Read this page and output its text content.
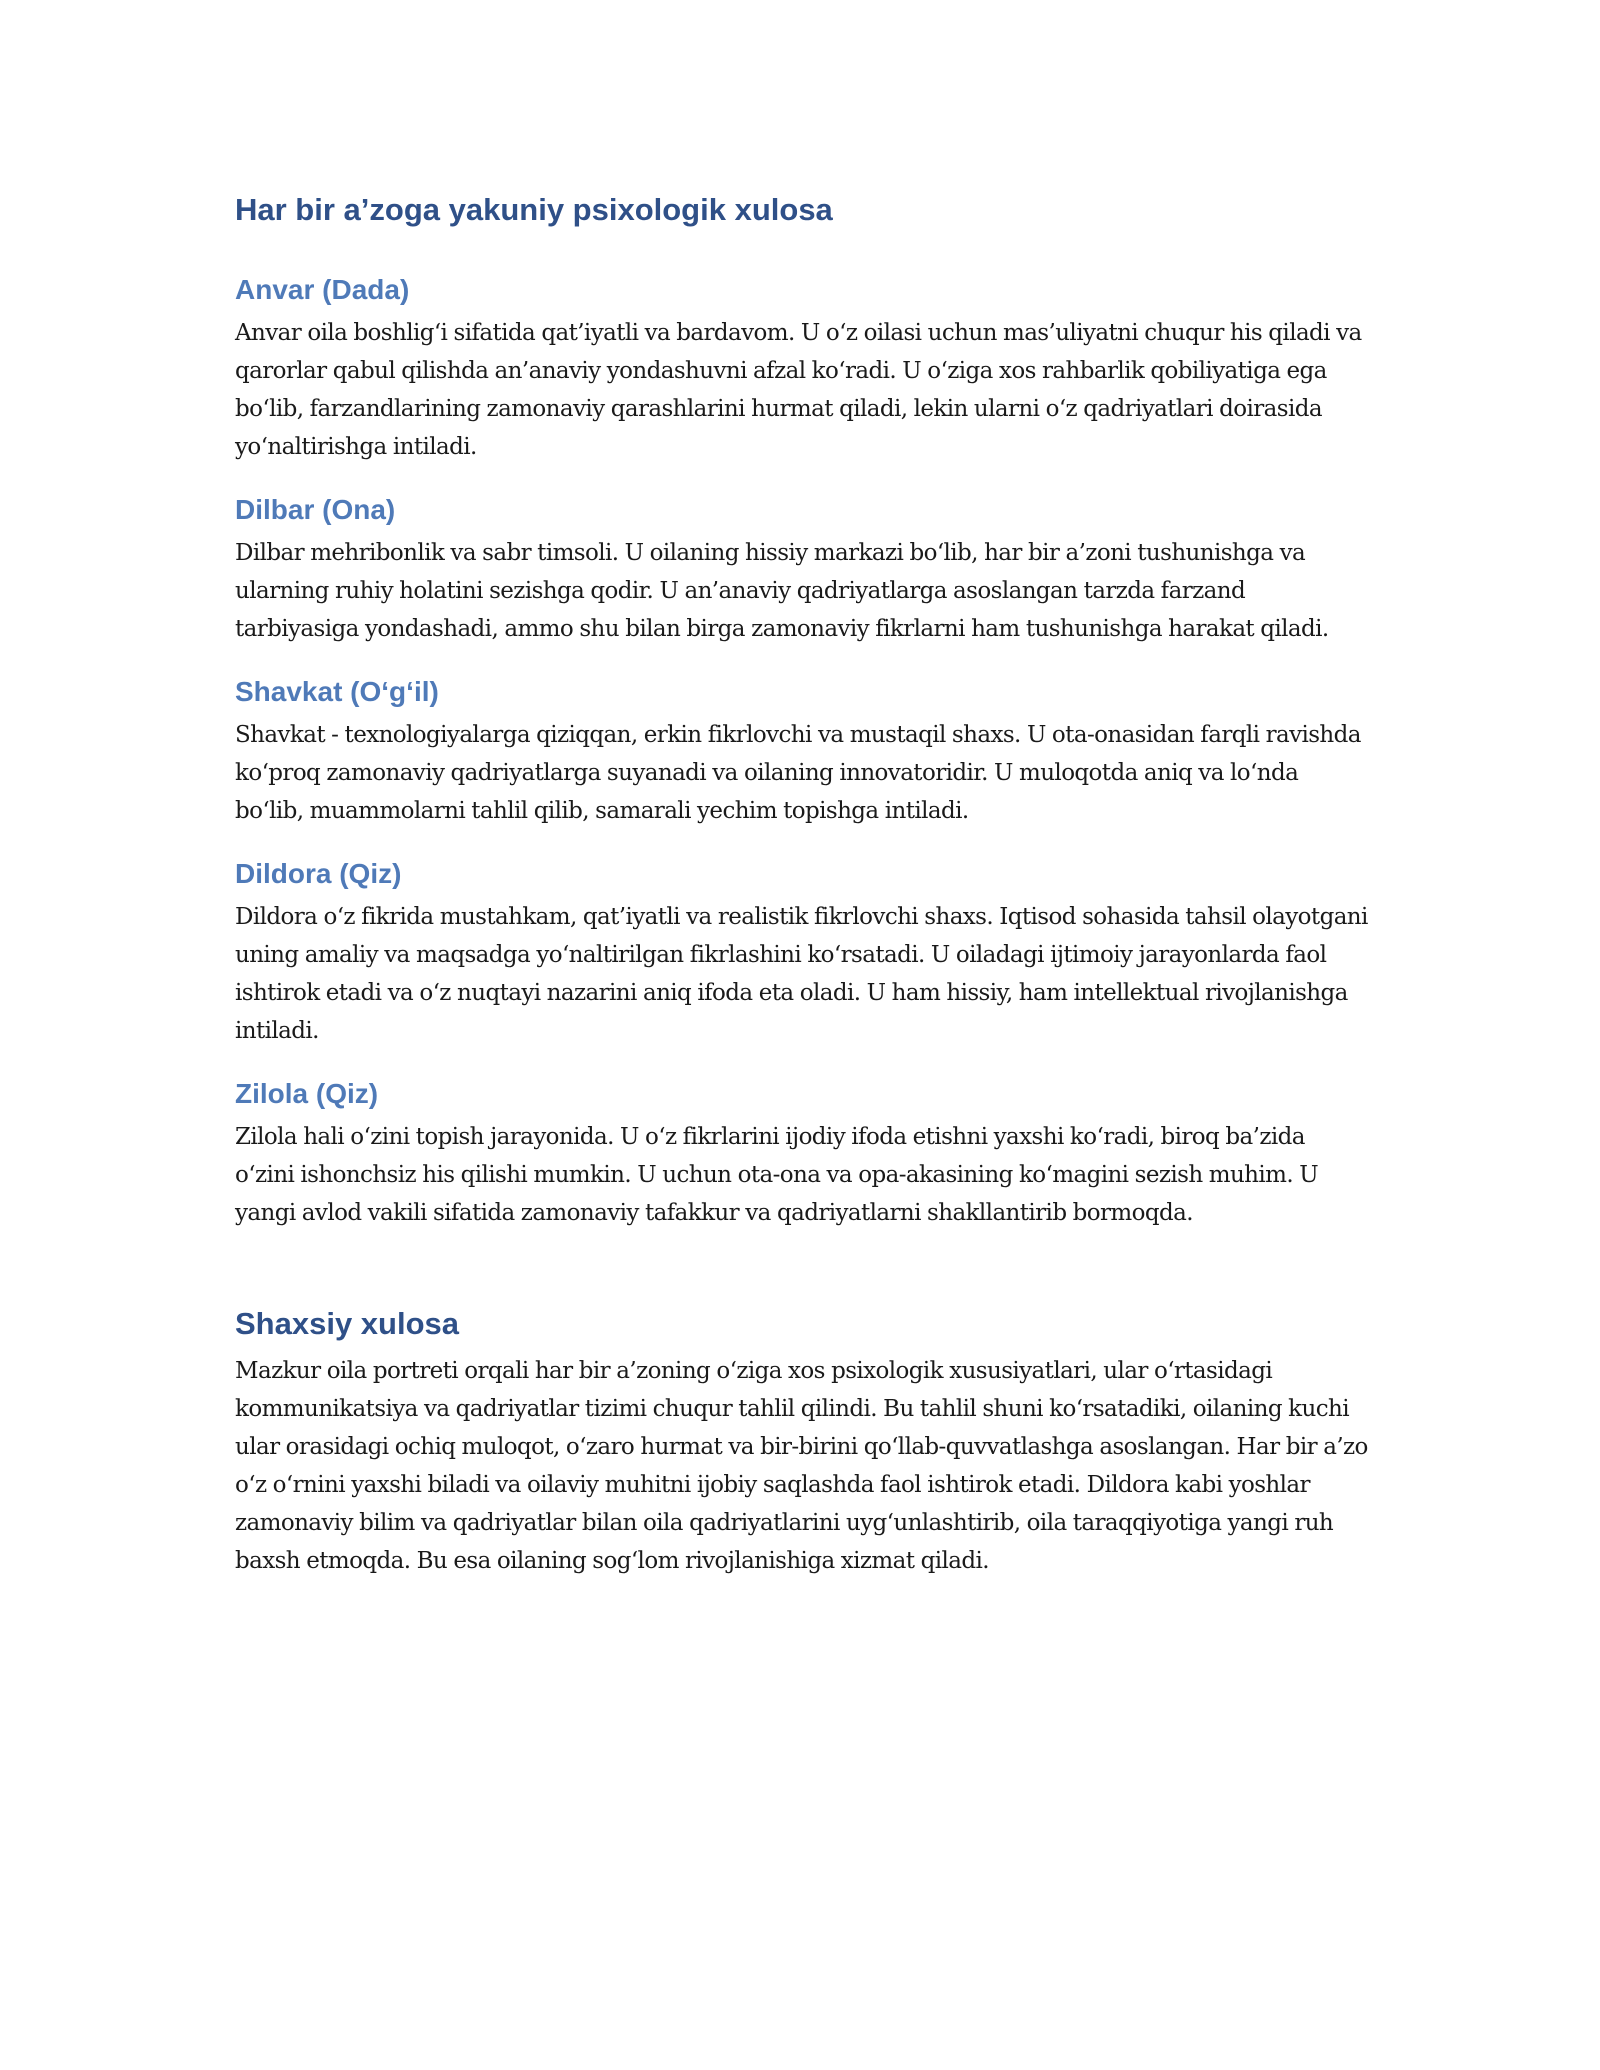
Har bir a’zoga yakuniy psixologik xulosa
Anvar (Dada)

Anvar oila boshlig‘i sifatida qat’iyatli va bardavom. U o‘z oilasi uchun mas’uliyatni chuqur his qiladi va qarorlar qabul qilishda an’anaviy yondashuvni afzal ko‘radi. U o‘ziga xos rahbarlik qobiliyatiga ega bo‘lib, farzandlarining zamonaviy qarashlarini hurmat qiladi, lekin ularni o‘z qadriyatlari doirasida yo‘naltirishga intiladi.

Dilbar (Ona)

Dilbar mehribonlik va sabr timsoli. U oilaning hissiy markazi bo‘lib, har bir a’zoni tushunishga va ularning ruhiy holatini sezishga qodir. U an’anaviy qadriyatlarga asoslangan tarzda farzand tarbiyasiga yondashadi, ammo shu bilan birga zamonaviy fikrlarni ham tushunishga harakat qiladi.

Shavkat (O‘g‘il)

Shavkat - texnologiyalarga qiziqqan, erkin fikrlovchi va mustaqil shaxs. U ota-onasidan farqli ravishda ko‘proq zamonaviy qadriyatlarga suyanadi va oilaning innovatoridir. U muloqotda aniq va lo‘nda bo‘lib, muammolarni tahlil qilib, samarali yechim topishga intiladi.

Dildora (Qiz)

Dildora o‘z fikrida mustahkam, qat’iyatli va realistik fikrlovchi shaxs. Iqtisod sohasida tahsil olayotgani uning amaliy va maqsadga yo‘naltirilgan fikrlashini ko‘rsatadi. U oiladagi ijtimoiy jarayonlarda faol ishtirok etadi va o‘z nuqtayi nazarini aniq ifoda eta oladi. U ham hissiy, ham intellektual rivojlanishga intiladi.

Zilola (Qiz)

Zilola hali o‘zini topish jarayonida. U o‘z fikrlarini ijodiy ifoda etishni yaxshi ko‘radi, biroq ba’zida o‘zini ishonchsiz his qilishi mumkin. U uchun ota-ona va opa-akasining ko‘magini sezish muhim. U yangi avlod vakili sifatida zamonaviy tafakkur va qadriyatlarni shakllantirib bormoqda.

Shaxsiy xulosa

Mazkur oila portreti orqali har bir a’zoning o‘ziga xos psixologik xususiyatlari, ular o‘rtasidagi kommunikatsiya va qadriyatlar tizimi chuqur tahlil qilindi. Bu tahlil shuni ko‘rsatadiki, oilaning kuchi ular orasidagi ochiq muloqot, o‘zaro hurmat va bir-birini qo‘llab-quvvatlashga asoslangan. Har bir a’zo o‘z o‘rnini yaxshi biladi va oilaviy muhitni ijobiy saqlashda faol ishtirok etadi. Dildora kabi yoshlar zamonaviy bilim va qadriyatlar bilan oila qadriyatlarini uyg‘unlashtirib, oila taraqqiyotiga yangi ruh baxsh etmoqda. Bu esa oilaning sog‘lom rivojlanishiga xizmat qiladi.
